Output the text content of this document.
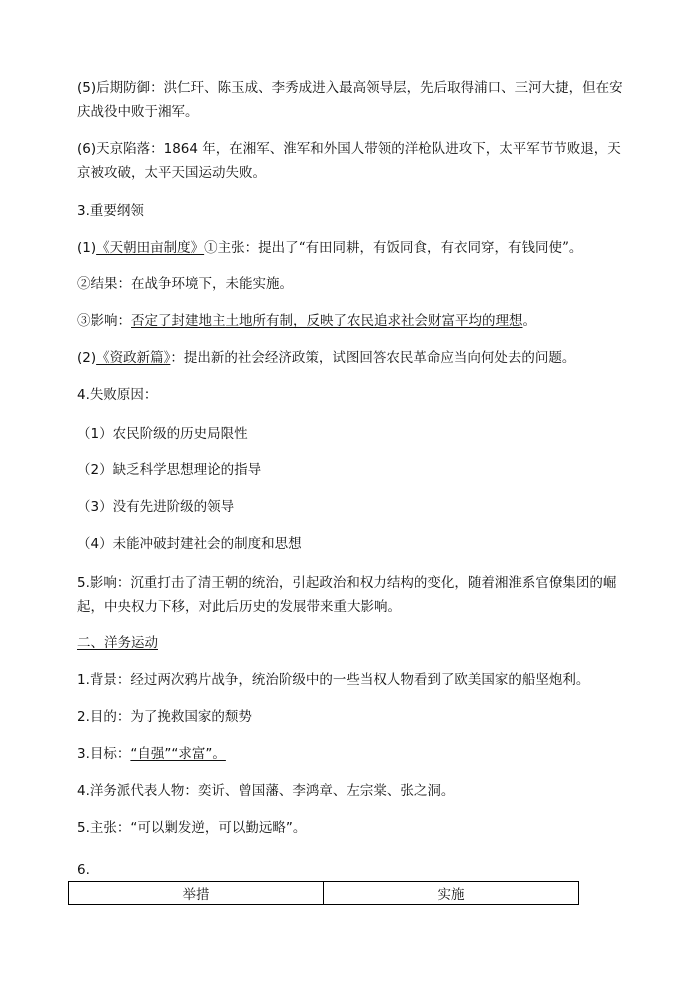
(5)后期防御：洪仁玕、陈玉成、李秀成进入最高领导层，先后取得浦口、三河大捷，但在安庆战役中败于湘军。
(6)天京陷落：1864 年，在湘军、淮军和外国人带领的洋枪队进攻下，太平军节节败退，天京被攻破，太平天国运动失败。
3.重要纲领
(1)《天朝田亩制度》①主张：提出了“有田同耕，有饭同食，有衣同穿，有钱同使”。
②结果：在战争环境下，未能实施。
③影响：否定了封建地主土地所有制，反映了农民追求社会财富平均的理想。
(2)《资政新篇》：提出新的社会经济政策，试图回答农民革命应当向何处去的问题。
4.失败原因：
（1）农民阶级的历史局限性
（2）缺乏科学思想理论的指导
（3）没有先进阶级的领导
（4）未能冲破封建社会的制度和思想
5.影响：沉重打击了清王朝的统治，引起政治和权力结构的变化，随着湘淮系官僚集团的崛起，中央权力下移，对此后历史的发展带来重大影响。
二、洋务运动
1.背景：经过两次鸦片战争，统治阶级中的一些当权人物看到了欧美国家的船坚炮利。
2.目的：为了挽救国家的颓势
3.目标：“自强”“求富”。
4.洋务派代表人物：奕䜣、曾国藩、李鸿章、左宗棠、张之洞。
5.主张：“可以剿发逆，可以勤远略”。
6.
举措	实施
